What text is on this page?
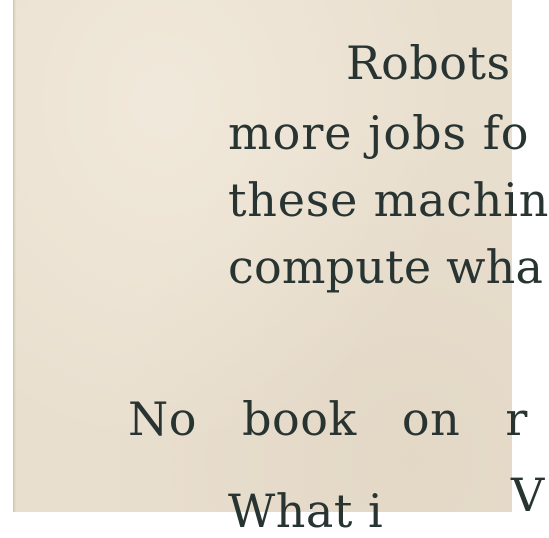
Robots
more jobs fo
these machin
compute wha
No book on r
What i	V
